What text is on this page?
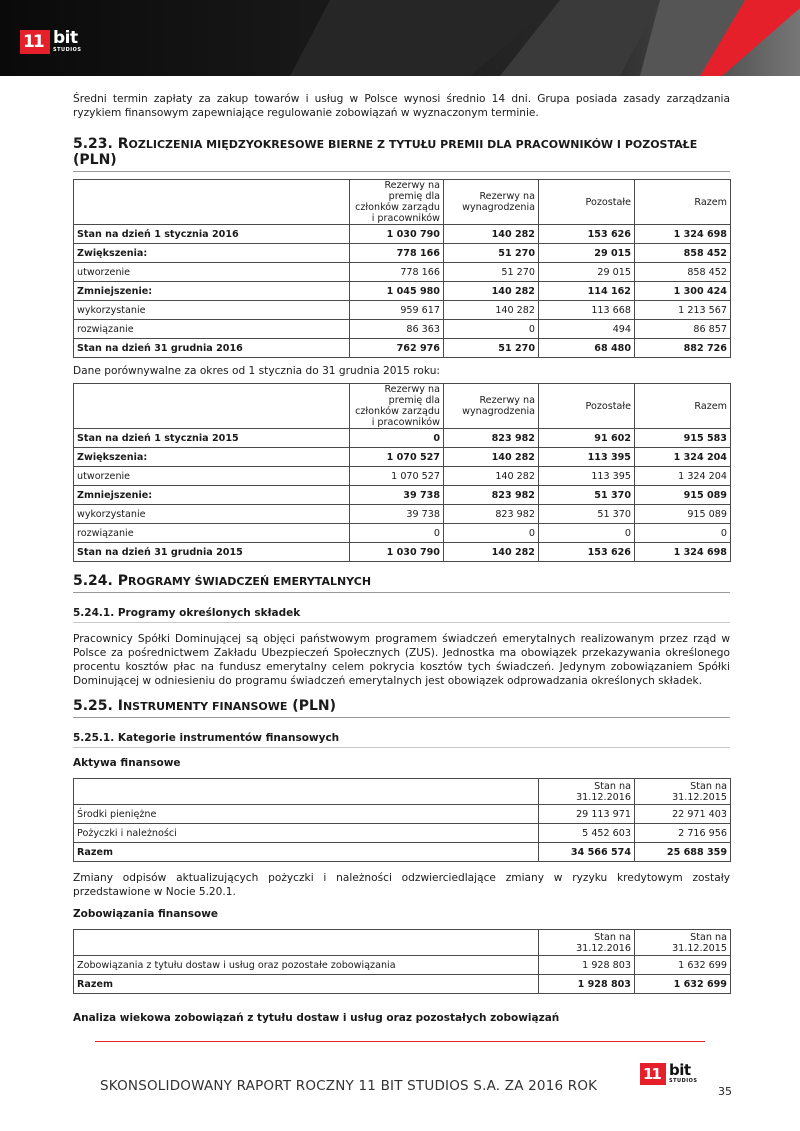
11 bit
STUDIOS

Średni termin zapłaty za zakup towarów i usług w Polsce wynosi średnio 14 dni. Grupa posiada zasady zarządzania ryzykiem finansowym zapewniające regulowanie zobowiązań w wyznaczonym terminie.

5.23. ROZLICZENIA MIĘDZYOKRESOWE BIERNE Z TYTUŁU PREMII DLA PRACOWNIKÓW I POZOSTAŁE (PLN)
	Rezerwy na premię dla członków zarządu i pracowników	Rezerwy na wynagrodzenia	Pozostałe	Razem
Stan na dzień 1 stycznia 2016	1 030 790	140 282	153 626	1 324 698
Zwiększenia:	778 166	51 270	29 015	858 452
utworzenie	778 166	51 270	29 015	858 452
Zmniejszenie:	1 045 980	140 282	114 162	1 300 424
wykorzystanie	959 617	140 282	113 668	1 213 567
rozwiązanie	86 363	0	494	86 857
Stan na dzień 31 grudnia 2016	762 976	51 270	68 480	882 726

Dane porównywalne za okres od 1 stycznia do 31 grudnia 2015 roku:

	Rezerwy na premię dla członków zarządu i pracowników	Rezerwy na wynagrodzenia	Pozostałe	Razem
Stan na dzień 1 stycznia 2015	0	823 982	91 602	915 583
Zwiększenia:	1 070 527	140 282	113 395	1 324 204
utworzenie	1 070 527	140 282	113 395	1 324 204
Zmniejszenie:	39 738	823 982	51 370	915 089
wykorzystanie	39 738	823 982	51 370	915 089
rozwiązanie	0	0	0	0
Stan na dzień 31 grudnia 2015	1 030 790	140 282	153 626	1 324 698
5.24. PROGRAMY ŚWIADCZEŃ EMERYTALNYCH
5.24.1. Programy określonych składek

Pracownicy Spółki Dominującej są objęci państwowym programem świadczeń emerytalnych realizowanym przez rząd w Polsce za pośrednictwem Zakładu Ubezpieczeń Społecznych (ZUS). Jednostka ma obowiązek przekazywania określonego procentu kosztów płac na fundusz emerytalny celem pokrycia kosztów tych świadczeń. Jedynym zobowiązaniem Spółki Dominującej w odniesieniu do programu świadczeń emerytalnych jest obowiązek odprowadzania określonych składek.

5.25. INSTRUMENTY FINANSOWE (PLN)
5.25.1. Kategorie instrumentów finansowych
Aktywa finansowe
	Stan na 31.12.2016	Stan na 31.12.2015
Środki pieniężne	29 113 971	22 971 403
Pożyczki i należności	5 452 603	2 716 956
Razem	34 566 574	25 688 359

Zmiany odpisów aktualizujących pożyczki i należności odzwierciedlające zmiany w ryzyku kredytowym zostały przedstawione w Nocie 5.20.1.

Zobowiązania finansowe
	Stan na 31.12.2016	Stan na 31.12.2015
Zobowiązania z tytułu dostaw i usług oraz pozostałe zobowiązania	1 928 803	1 632 699
Razem	1 928 803	1 632 699
Analiza wiekowa zobowiązań z tytułu dostaw i usług oraz pozostałych zobowiązań
SKONSOLIDOWANY RAPORT ROCZNY 11 BIT STUDIOS S.A. ZA 2016 ROK
11 bit
STUDIOS
35
